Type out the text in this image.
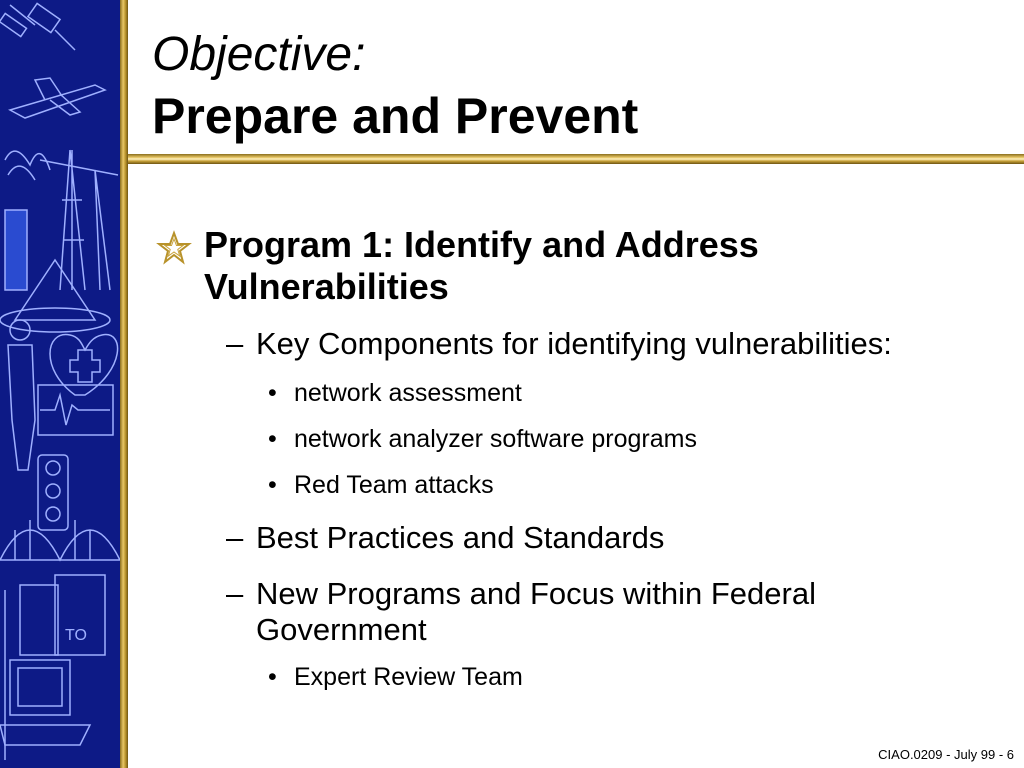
TO
Objective:
Prepare and Prevent
Program 1: Identify and Address Vulnerabilities
– Key Components for identifying vulnerabilities:
• network assessment
• network analyzer software programs
• Red Team attacks
– Best Practices and Standards
– New Programs and Focus within Federal Government
• Expert Review Team
CIAO.0209 - July 99 - 6
